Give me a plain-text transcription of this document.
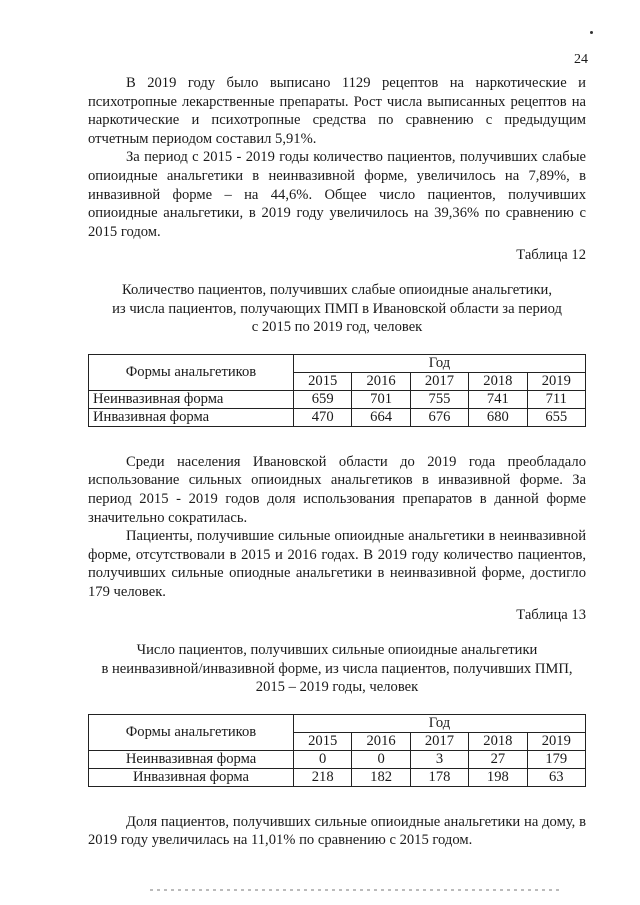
24

В 2019 году было выписано 1129 рецептов на наркотические и психотропные лекарственные препараты. Рост числа выписанных рецептов на наркотические и психотропные средства по сравнению с предыдущим отчетным периодом составил 5,91%.

За период с 2015 - 2019 годы количество пациентов, получивших слабые опиоидные анальгетики в неинвазивной форме, увеличилось на 7,89%, в инвазивной форме – на 44,6%. Общее число пациентов, получивших опиоидные анальгетики, в 2019 году увеличилось на 39,36% по сравнению с 2015 годом.

Таблица 12

Количество пациентов, получивших слабые опиоидные анальгетики,
из числа пациентов, получающих ПМП в Ивановской области за период
с 2015 по 2019 год, человек
Формы анальгетиков	Год				
	2015	2016	2017	2018	2019
Неинвазивная форма	659	701	755	741	711
Инвазивная форма	470	664	676	680	655

Среди населения Ивановской области до 2019 года преобладало использование сильных опиоидных анальгетиков в инвазивной форме. За период 2015 - 2019 годов доля использования препаратов в данной форме значительно сократилась.

Пациенты, получившие сильные опиоидные анальгетики в неинвазивной форме, отсутствовали в 2015 и 2016 годах. В 2019 году количество пациентов, получивших сильные опиодные анальгетики в неинвазивной форме, достигло 179 человек.

Таблица 13

Число пациентов, получивших сильные опиоидные анальгетики
в неинвазивной/инвазивной форме, из числа пациентов, получивших ПМП,
2015 – 2019 годы, человек
Формы анальгетиков	Год				
	2015	2016	2017	2018	2019
Неинвазивная форма	0	0	3	27	179
Инвазивная форма	218	182	178	198	63

Доля пациентов, получивших сильные опиоидные анальгетики на дому, в 2019 году увеличилась на 11,01% по сравнению с 2015 годом.
